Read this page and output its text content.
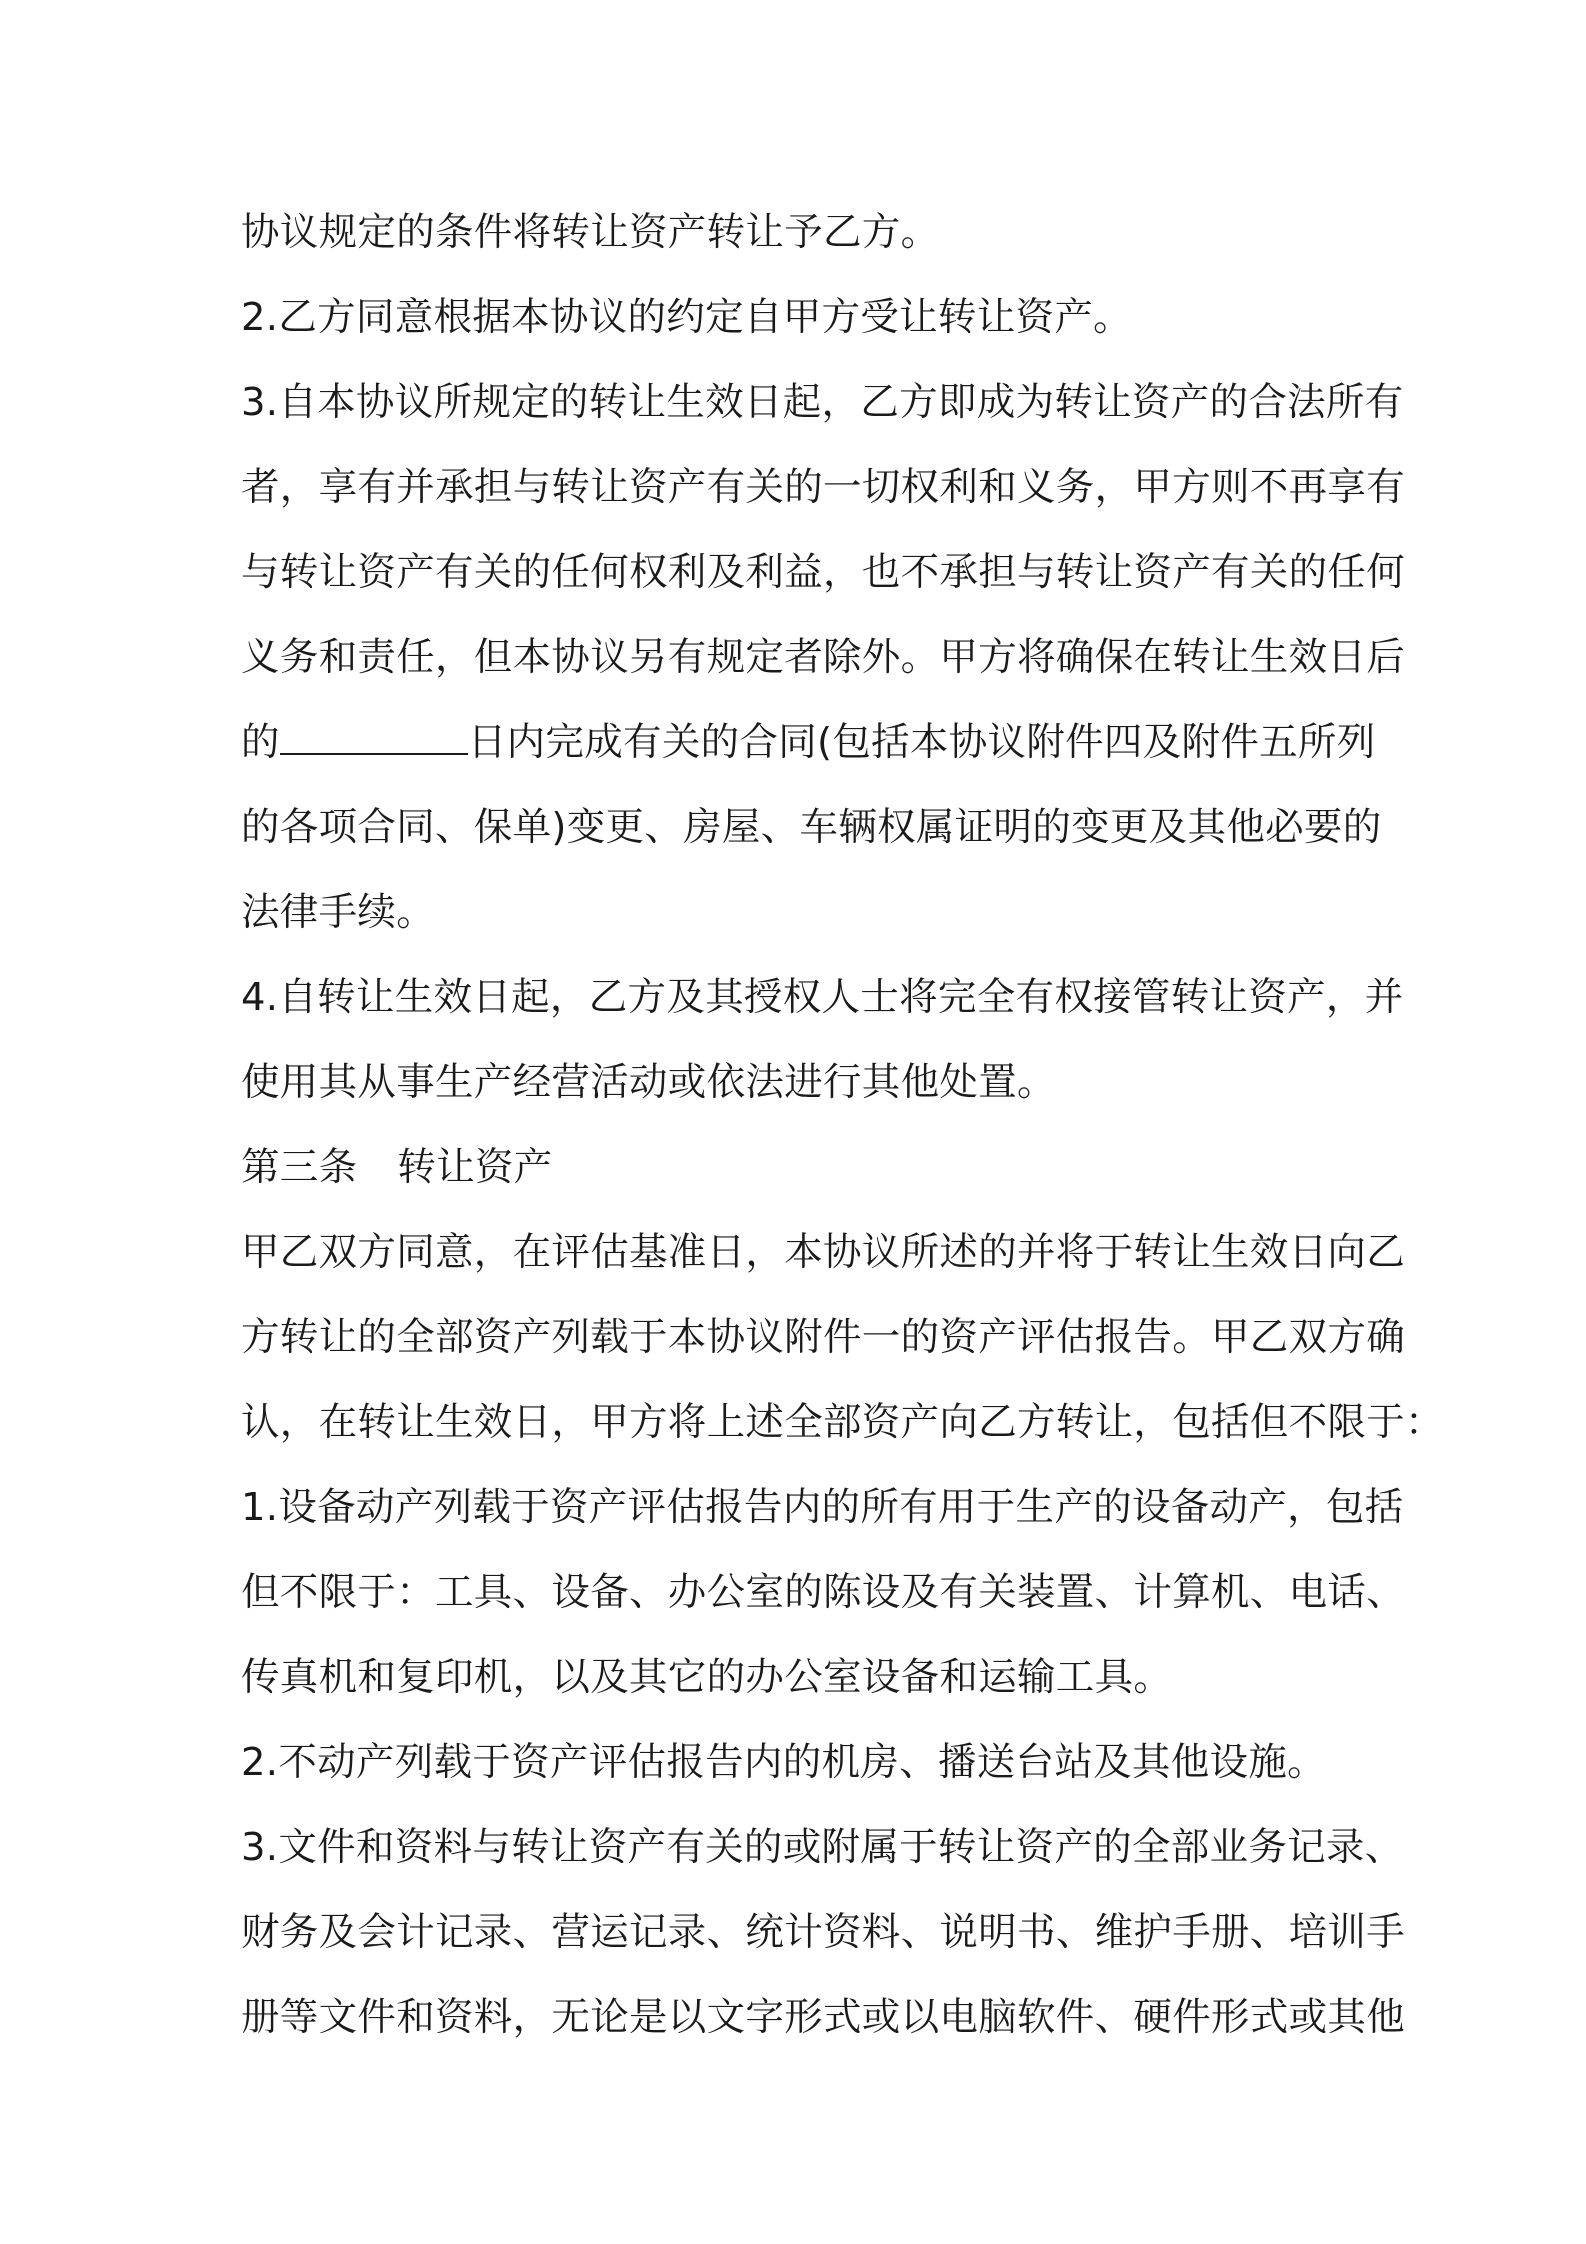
协议规定的条件将转让资产转让予乙方。
2.乙方同意根据本协议的约定自甲方受让转让资产。
3.自本协议所规定的转让生效日起，乙方即成为转让资产的合法所有
者，享有并承担与转让资产有关的一切权利和义务，甲方则不再享有
与转让资产有关的任何权利及利益，也不承担与转让资产有关的任何
义务和责任，但本协议另有规定者除外。甲方将确保在转让生效日后
的	日内完成有关的合同(包括本协议附件四及附件五所列
的各项合同、保单)变更、房屋、车辆权属证明的变更及其他必要的
法律手续。
4.自转让生效日起，乙方及其授权人士将完全有权接管转让资产，并
使用其从事生产经营活动或依法进行其他处置。
第三条 转让资产
甲乙双方同意，在评估基准日，本协议所述的并将于转让生效日向乙
方转让的全部资产列载于本协议附件一的资产评估报告。甲乙双方确
认，在转让生效日，甲方将上述全部资产向乙方转让，包括但不限于：
1.设备动产列载于资产评估报告内的所有用于生产的设备动产，包括
但不限于：工具、设备、办公室的陈设及有关装置、计算机、电话、
传真机和复印机，以及其它的办公室设备和运输工具。
2.不动产列载于资产评估报告内的机房、播送台站及其他设施。
3.文件和资料与转让资产有关的或附属于转让资产的全部业务记录、
财务及会计记录、营运记录、统计资料、说明书、维护手册、培训手
册等文件和资料，无论是以文字形式或以电脑软件、硬件形式或其他
